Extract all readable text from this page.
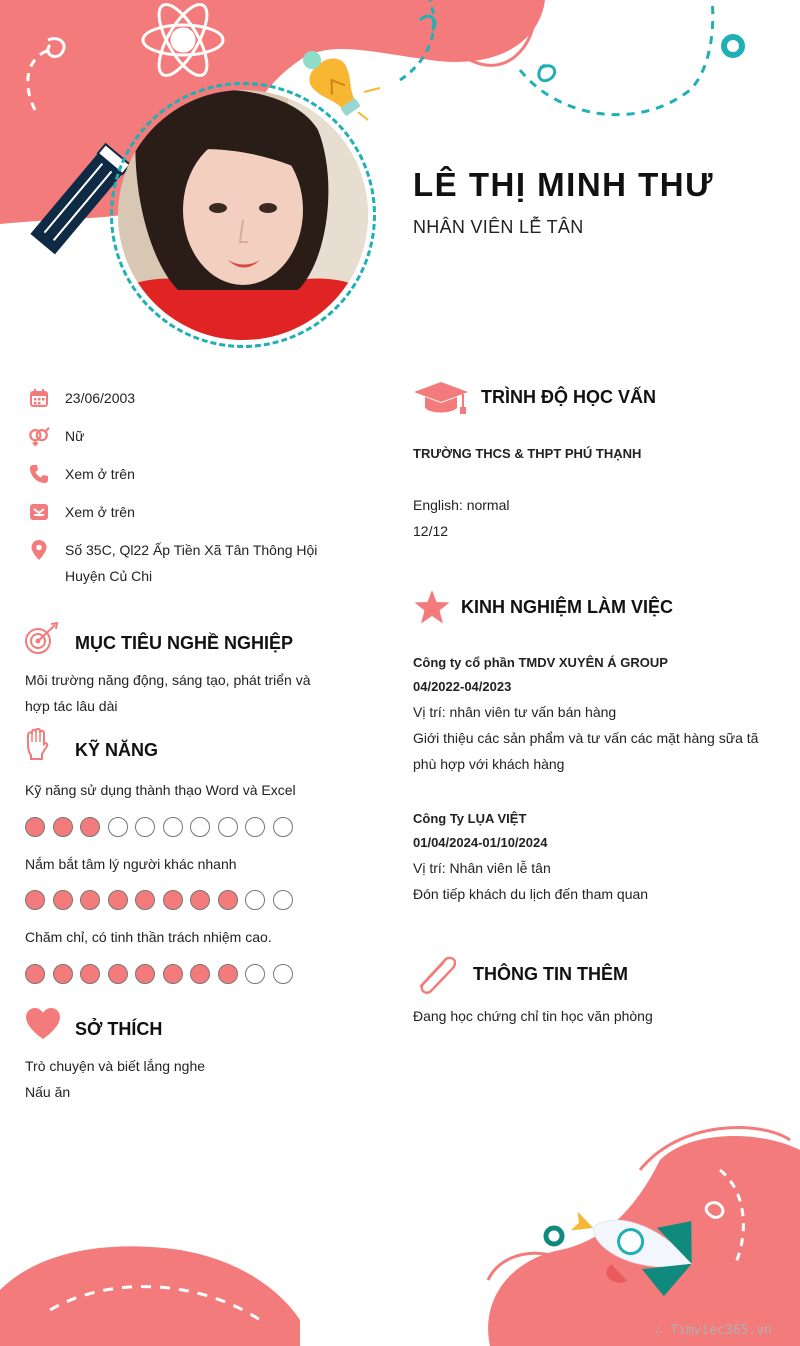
LÊ THỊ MINH THƯ
NHÂN VIÊN LỄ TÂN
23/06/2003
Nữ
Xem ở trên
Xem ở trên
Số 35C, Ql22 Ấp Tiền Xã Tân Thông Hội Huyện Củ Chi
MỤC TIÊU NGHỀ NGHIỆP
Môi trường năng động, sáng tạo, phát triển và hợp tác lâu dài
KỸ NĂNG
Kỹ năng sử dụng thành thạo Word và Excel
Nắm bắt tâm lý người khác nhanh
Chăm chỉ, có tinh thần trách nhiệm cao.
SỞ THÍCH
Trò chuyện và biết lắng nghe
Nấu ăn
TRÌNH ĐỘ HỌC VẤN
TRƯỜNG THCS & THPT PHÚ THẠNH
English: normal
12/12
KINH NGHIỆM LÀM VIỆC
Công ty cổ phần TMDV XUYÊN Á GROUP
04/2022-04/2023
Vị trí: nhân viên tư vấn bán hàng
Giới thiệu các sản phẩm và tư vấn các mặt hàng sữa tã phù hợp với khách hàng
Công Ty LỤA VIỆT
01/04/2024-01/10/2024
Vị trí: Nhân viên lễ tân
Đón tiếp khách du lịch đến tham quan
THÔNG TIN THÊM
Đang học chứng chỉ tin học văn phòng
∴ Timviec365.vn
